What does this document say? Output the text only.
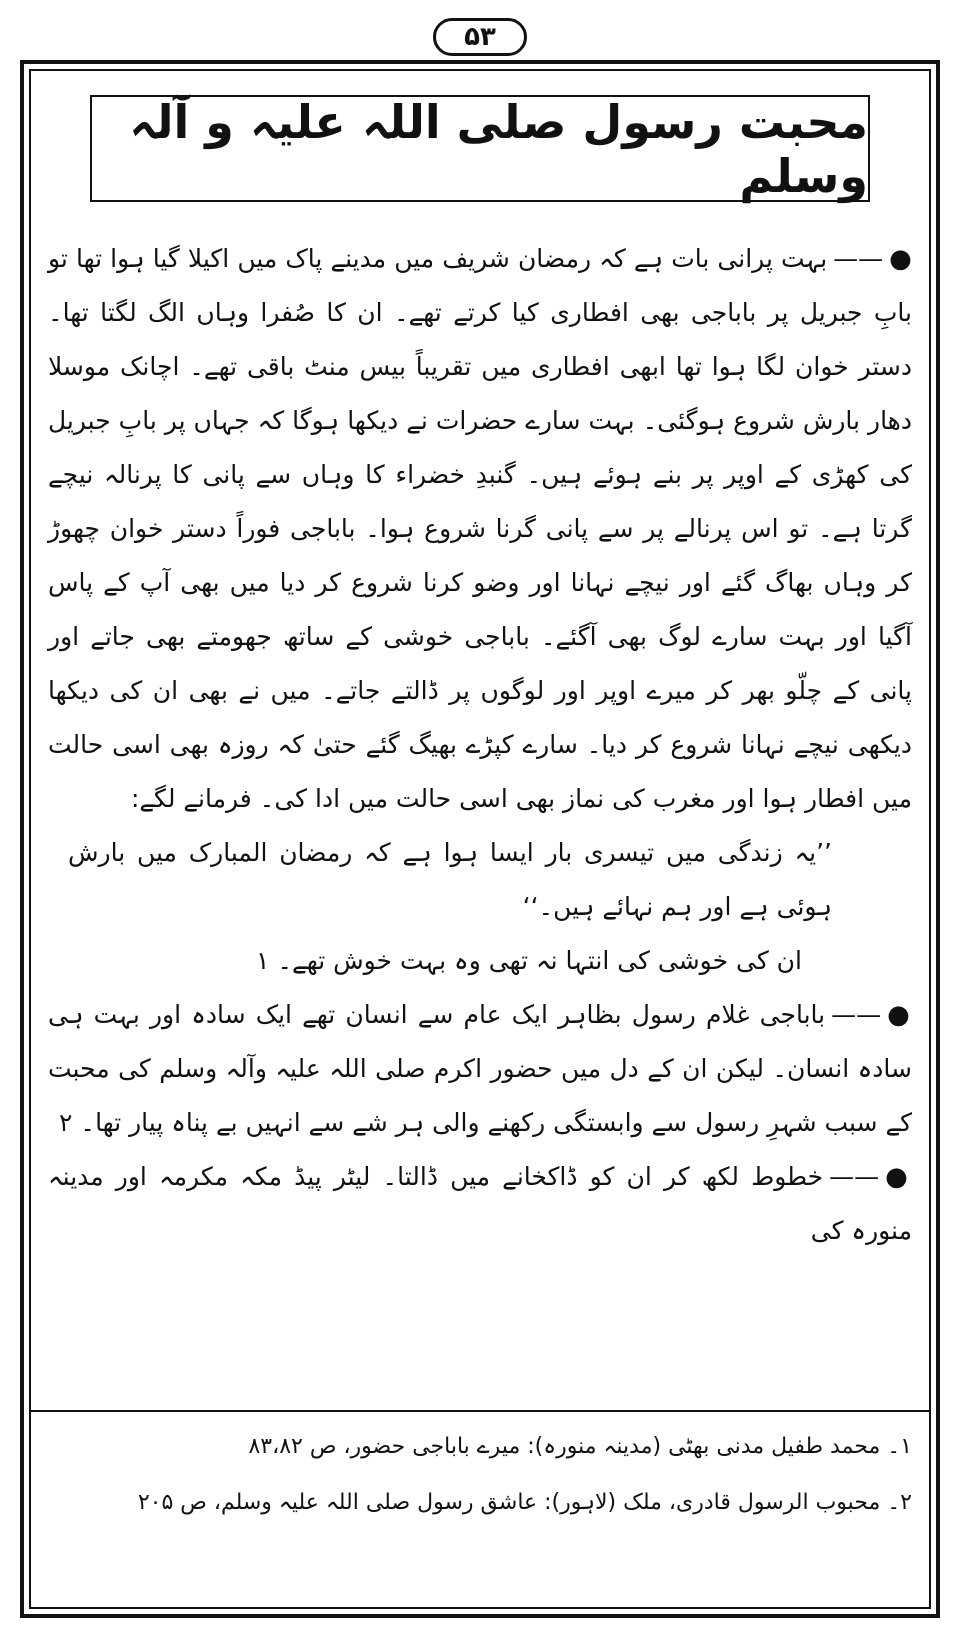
۵۳
محبت رسول صلی اللہ علیہ و آلہ وسلم

●——بہت پرانی بات ہے کہ رمضان شریف میں مدینے پاک میں اکیلا گیا ہوا تھا تو بابِ جبریل پر باباجی بھی افطاری کیا کرتے تھے۔ ان کا صُفرا وہاں الگ لگتا تھا۔ دستر خوان لگا ہوا تھا ابھی افطاری میں تقریباً بیس منٹ باقی تھے۔ اچانک موسلا دھار بارش شروع ہوگئی۔ بہت سارے حضرات نے دیکھا ہوگا کہ جہاں پر بابِ جبریل کی کھڑی کے اوپر پر بنے ہوئے ہیں۔ گنبدِ خضراء کا وہاں سے پانی کا پرنالہ نیچے گرتا ہے۔ تو اس پرنالے پر سے پانی گرنا شروع ہوا۔ باباجی فوراً دستر خوان چھوڑ کر وہاں بھاگ گئے اور نیچے نہانا اور وضو کرنا شروع کر دیا میں بھی آپ کے پاس آگیا اور بہت سارے لوگ بھی آگئے۔ باباجی خوشی کے ساتھ جھومتے بھی جاتے اور پانی کے چلّو بھر کر میرے اوپر اور لوگوں پر ڈالتے جاتے۔ میں نے بھی ان کی دیکھا دیکھی نیچے نہانا شروع کر دیا۔ سارے کپڑے بھیگ گئے حتیٰ کہ روزہ بھی اسی حالت میں افطار ہوا اور مغرب کی نماز بھی اسی حالت میں ادا کی۔ فرمانے لگے:

’’یہ زندگی میں تیسری بار ایسا ہوا ہے کہ رمضان المبارک میں بارش ہوئی ہے اور ہم نہائے ہیں۔‘‘

ان کی خوشی کی انتہا نہ تھی وہ بہت خوش تھے۔ ۱

●——باباجی غلام رسول بظاہر ایک عام سے انسان تھے ایک سادہ اور بہت ہی سادہ انسان۔ لیکن ان کے دل میں حضور اکرم صلی اللہ علیہ وآلہ وسلم کی محبت کے سبب شہرِ رسول سے وابستگی رکھنے والی ہر شے سے انہیں بے پناہ پیار تھا۔ ۲

●——خطوط لکھ کر ان کو ڈاکخانے میں ڈالتا۔ لیٹر پیڈ مکہ مکرمہ اور مدینہ منورہ کی

۱۔ محمد طفیل مدنی بھٹی (مدینہ منورہ): میرے باباجی حضور، ص ۸۳،۸۲

۲۔ محبوب الرسول قادری، ملک (لاہور): عاشق رسول صلی اللہ علیہ وسلم، ص ۲۰۵
